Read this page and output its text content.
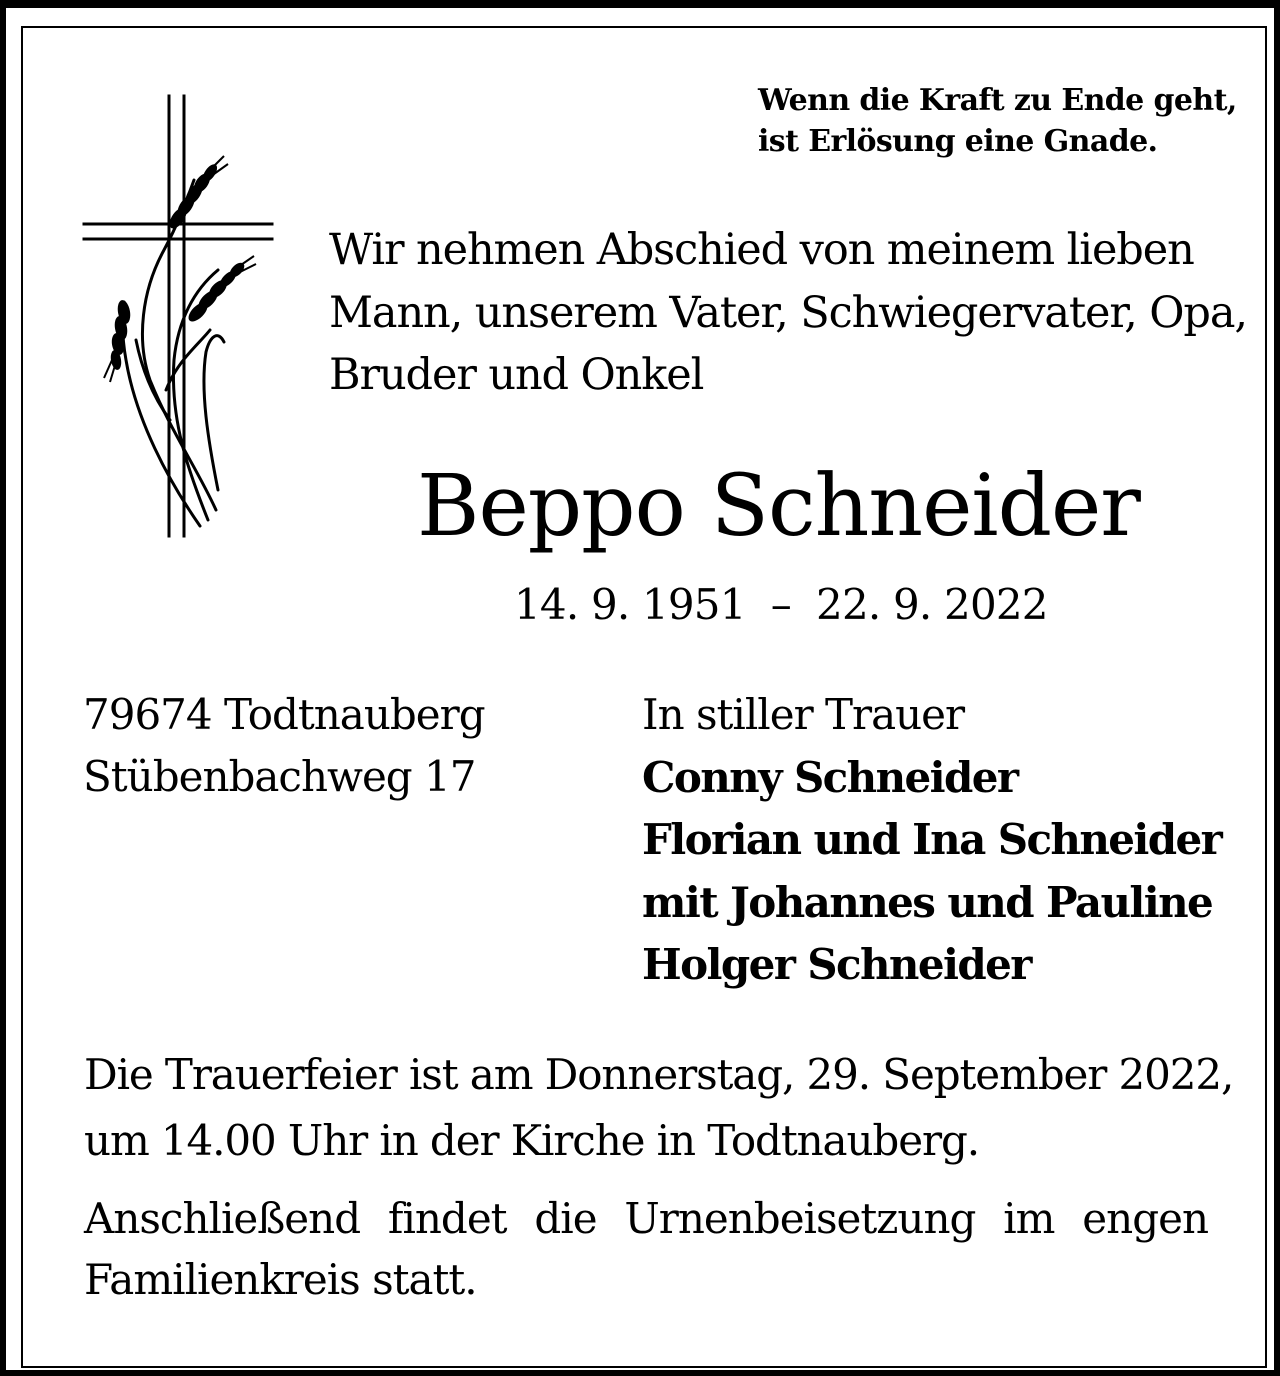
Wenn die Kraft zu Ende geht,
ist Erlösung eine Gnade.
Wir nehmen Abschied von meinem lieben
Mann, unserem Vater, Schwiegervater, Opa,
Bruder und Onkel
Beppo Schneider
14. 9. 1951  –  22. 9. 2022
79674 Todtnauberg
Stübenbachweg 17
In stiller Trauer
Conny Schneider
Florian und Ina Schneider
mit Johannes und Pauline
Holger Schneider
Die Trauerfeier ist am Donnerstag, 29. September 2022,
um 14.00 Uhr in der Kirche in Todtnauberg.
Anschließend findet die Urnenbeisetzung im engen Familienkreis statt.
